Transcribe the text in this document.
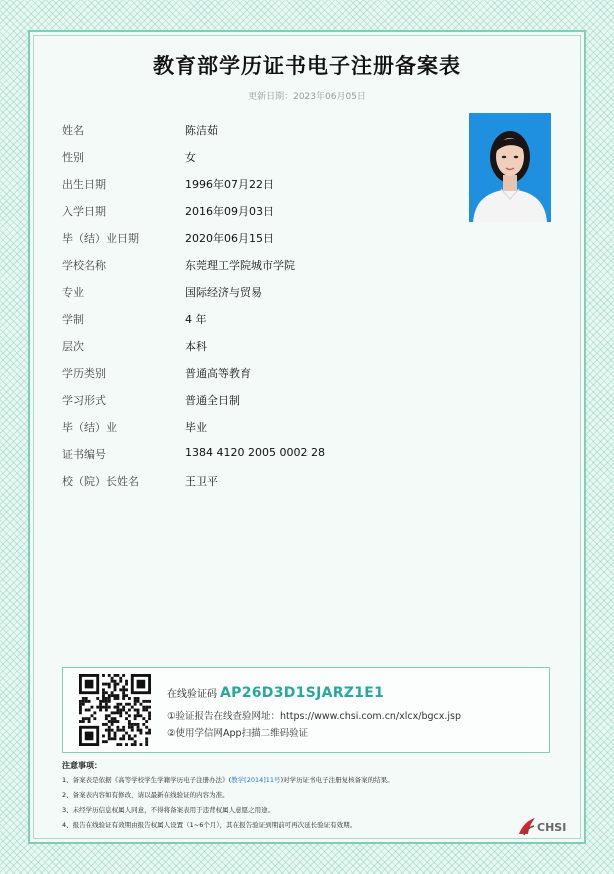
教育部学历证书电子注册备案表
更新日期：2023年06月05日
姓名	陈洁茹
性别	女
出生日期	1996年07月22日
入学日期	2016年09月03日
毕（结）业日期	2020年06月15日
学校名称	东莞理工学院城市学院
专业	国际经济与贸易
学制	4 年
层次	本科
学历类别	普通高等教育
学习形式	普通全日制
毕（结）业	毕业
证书编号	1384 4120 2005 0002 28
校（院）长姓名	王卫平
在线验证码 AP26D3D1SJARZ1E1
①验证报告在线查验网址：https://www.chsi.com.cn/xlcx/bgcx.jsp
②使用学信网App扫描二维码验证
注意事项：
1、备案表是依据《高等学校学生学籍学历电子注册办法》(教学[2014]11号)对学历证书电子注册复核备案的结果。
2、备案表内容如有修改，请以最新在线验证的内容为准。
3、未经学历信息权属人同意，不得将备案表用于违背权属人意愿之用途。
4、报告在线验证有效期由报告权属人设置（1~6个月），其在报告验证到期前可再次延长验证有效期。	CHSI
